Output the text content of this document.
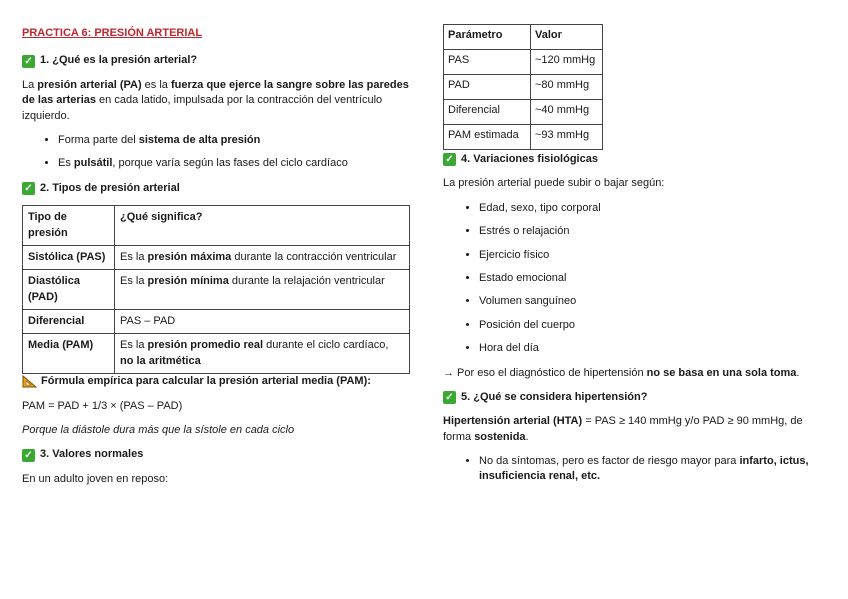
PRACTICA 6: PRESIÓN ARTERIAL
✓ 1. ¿Qué es la presión arterial?

La presión arterial (PA) es la fuerza que ejerce la sangre sobre las paredes de las arterias en cada latido, impulsada por la contracción del ventrículo izquierdo.

• Forma parte del sistema de alta presión
• Es pulsátil, porque varía según las fases del ciclo cardíaco
✓ 2. Tipos de presión arterial
Tipo de presión	¿Qué significa?
Sistólica (PAS)	Es la presión máxima durante la contracción ventricular
Diastólica (PAD)	Es la presión mínima durante la relajación ventricular
Diferencial	PAS – PAD
Media (PAM)	Es la presión promedio real durante el ciclo cardíaco, no la aritmética
Fórmula empírica para calcular la presión arterial media (PAM):

PAM = PAD + 1/3 × (PAS – PAD)

Porque la diástole dura más que la sístole en cada ciclo

✓ 3. Valores normales

En un adulto joven en reposo:

Parámetro	Valor
PAS	~120 mmHg
PAD	~80 mmHg
Diferencial	~40 mmHg
PAM estimada	~93 mmHg
✓ 4. Variaciones fisiológicas

La presión arterial puede subir o bajar según:

• Edad, sexo, tipo corporal
• Estrés o relajación
• Ejercicio físico
• Estado emocional
• Volumen sanguíneo
• Posición del cuerpo
• Hora del día

→ Por eso el diagnóstico de hipertensión no se basa en una sola toma.

✓ 5. ¿Qué se considera hipertensión?

Hipertensión arterial (HTA) = PAS ≥ 140 mmHg y/o PAD ≥ 90 mmHg, de forma sostenida.

• No da síntomas, pero es factor de riesgo mayor para infarto, ictus, insuficiencia renal, etc.
